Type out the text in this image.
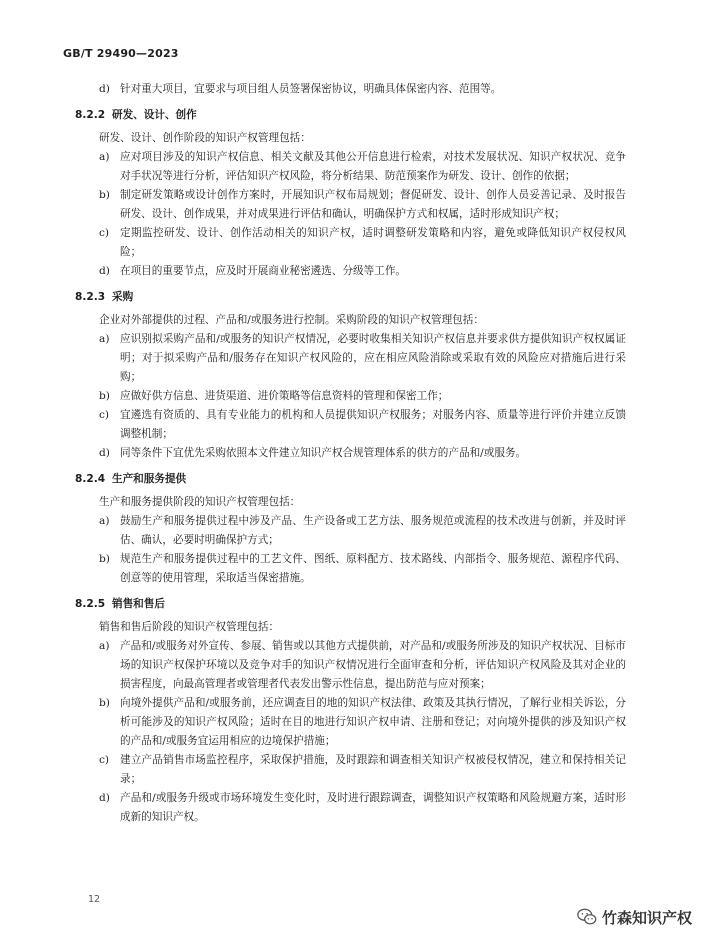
GB/T 29490—2023
d) 针对重大项目，宜要求与项目组人员签署保密协议，明确具体保密内容、范围等。
8.2.2 研发、设计、创作
研发、设计、创作阶段的知识产权管理包括：
a) 应对项目涉及的知识产权信息、相关文献及其他公开信息进行检索，对技术发展状况、知识产权状况、竞争对手状况等进行分析，评估知识产权风险，将分析结果、防范预案作为研发、设计、创作的依据；
b) 制定研发策略或设计创作方案时，开展知识产权布局规划；督促研发、设计、创作人员妥善记录、及时报告研发、设计、创作成果，并对成果进行评估和确认，明确保护方式和权属，适时形成知识产权；
c) 定期监控研发、设计、创作活动相关的知识产权，适时调整研发策略和内容，避免或降低知识产权侵权风险；
d) 在项目的重要节点，应及时开展商业秘密遴选、分级等工作。
8.2.3 采购
企业对外部提供的过程、产品和/或服务进行控制。采购阶段的知识产权管理包括：
a) 应识别拟采购产品和/或服务的知识产权情况，必要时收集相关知识产权信息并要求供方提供知识产权权属证明；对于拟采购产品和/服务存在知识产权风险的，应在相应风险消除或采取有效的风险应对措施后进行采购；
b) 应做好供方信息、进货渠道、进价策略等信息资料的管理和保密工作；
c) 宜遴选有资质的、具有专业能力的机构和人员提供知识产权服务；对服务内容、质量等进行评价并建立反馈调整机制；
d) 同等条件下宜优先采购依照本文件建立知识产权合规管理体系的供方的产品和/或服务。
8.2.4 生产和服务提供
生产和服务提供阶段的知识产权管理包括：
a) 鼓励生产和服务提供过程中涉及产品、生产设备或工艺方法、服务规范或流程的技术改进与创新，并及时评估、确认，必要时明确保护方式；
b) 规范生产和服务提供过程中的工艺文件、图纸、原料配方、技术路线、内部指令、服务规范、源程序代码、创意等的使用管理，采取适当保密措施。
8.2.5 销售和售后
销售和售后阶段的知识产权管理包括：
a) 产品和/或服务对外宣传、参展、销售或以其他方式提供前，对产品和/或服务所涉及的知识产权状况、目标市场的知识产权保护环境以及竞争对手的知识产权情况进行全面审查和分析，评估知识产权风险及其对企业的损害程度，向最高管理者或管理者代表发出警示性信息，提出防范与应对预案；
b) 向境外提供产品和/或服务前，还应调查目的地的知识产权法律、政策及其执行情况，了解行业相关诉讼，分析可能涉及的知识产权风险；适时在目的地进行知识产权申请、注册和登记；对向境外提供的涉及知识产权的产品和/或服务宜运用相应的边境保护措施；
c) 建立产品销售市场监控程序，采取保护措施，及时跟踪和调查相关知识产权被侵权情况，建立和保持相关记录；
d) 产品和/或服务升级或市场环境发生变化时，及时进行跟踪调查，调整知识产权策略和风险规避方案，适时形成新的知识产权。
12
竹森知识产权
